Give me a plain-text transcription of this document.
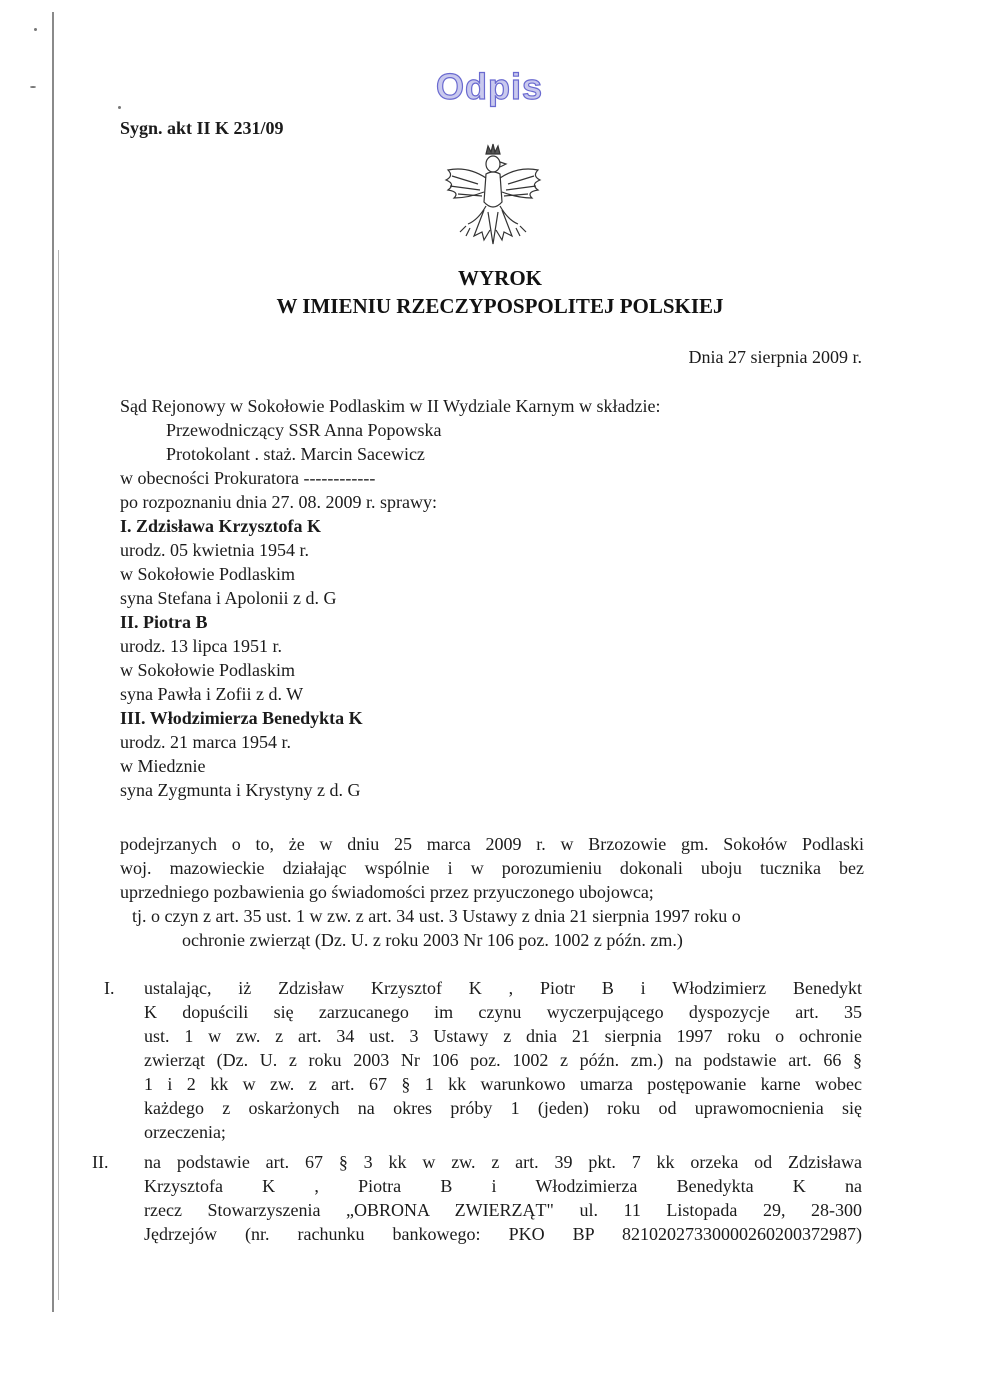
Odpis
Sygn. akt II K 231/09
WYROK
W IMIENIU RZECZYPOSPOLITEJ POLSKIEJ
Dnia 27 sierpnia 2009 r.
Sąd Rejonowy w Sokołowie Podlaskim w II Wydziale Karnym w składzie:
Przewodniczący SSR Anna Popowska
Protokolant . staż. Marcin Sacewicz
w obecności Prokuratora ------------
po rozpoznaniu dnia 27. 08. 2009 r. sprawy:
I. Zdzisława Krzysztofa K
urodz. 05 kwietnia 1954 r.
w Sokołowie Podlaskim
syna Stefana i Apolonii z d. G
II. Piotra B
urodz. 13 lipca 1951 r.
w Sokołowie Podlaskim
syna Pawła i Zofii z d. W
III. Włodzimierza Benedykta K
urodz. 21 marca 1954 r.
w Miedznie
syna Zygmunta i Krystyny z d. G
podejrzanych o to, że w dniu 25 marca 2009 r. w Brzozowie gm. Sokołów Podlaski
woj. mazowieckie działając wspólnie i w porozumieniu dokonali uboju tucznika bez
uprzedniego pozbawienia go świadomości przez przyuczonego ubojowca;
tj. o czyn z art. 35 ust. 1 w zw. z art. 34 ust. 3 Ustawy z dnia 21 sierpnia 1997 roku o
ochronie zwierząt (Dz. U. z roku 2003 Nr 106 poz. 1002 z późn. zm.)
I. ustalając, iż Zdzisław Krzysztof K , Piotr B i Włodzimierz Benedykt
K dopuścili się zarzucanego im czynu wyczerpującego dyspozycje art. 35
ust. 1 w zw. z art. 34 ust. 3 Ustawy z dnia 21 sierpnia 1997 roku o ochronie
zwierząt (Dz. U. z roku 2003 Nr 106 poz. 1002 z późn. zm.) na podstawie art. 66 §
1 i 2 kk w zw. z art. 67 § 1 kk warunkowo umarza postępowanie karne wobec
każdego z oskarżonych na okres próby 1 (jeden) roku od uprawomocnienia się
orzeczenia;
II. na podstawie art. 67 § 3 kk w zw. z art. 39 pkt. 7 kk orzeka od Zdzisława
Krzysztofa K , Piotra B i Włodzimierza Benedykta K na
rzecz Stowarzyszenia „OBRONA ZWIERZĄT" ul. 11 Listopada 29, 28-300
Jędrzejów (nr. rachunku bankowego: PKO BP 82102027330000260200372987)
